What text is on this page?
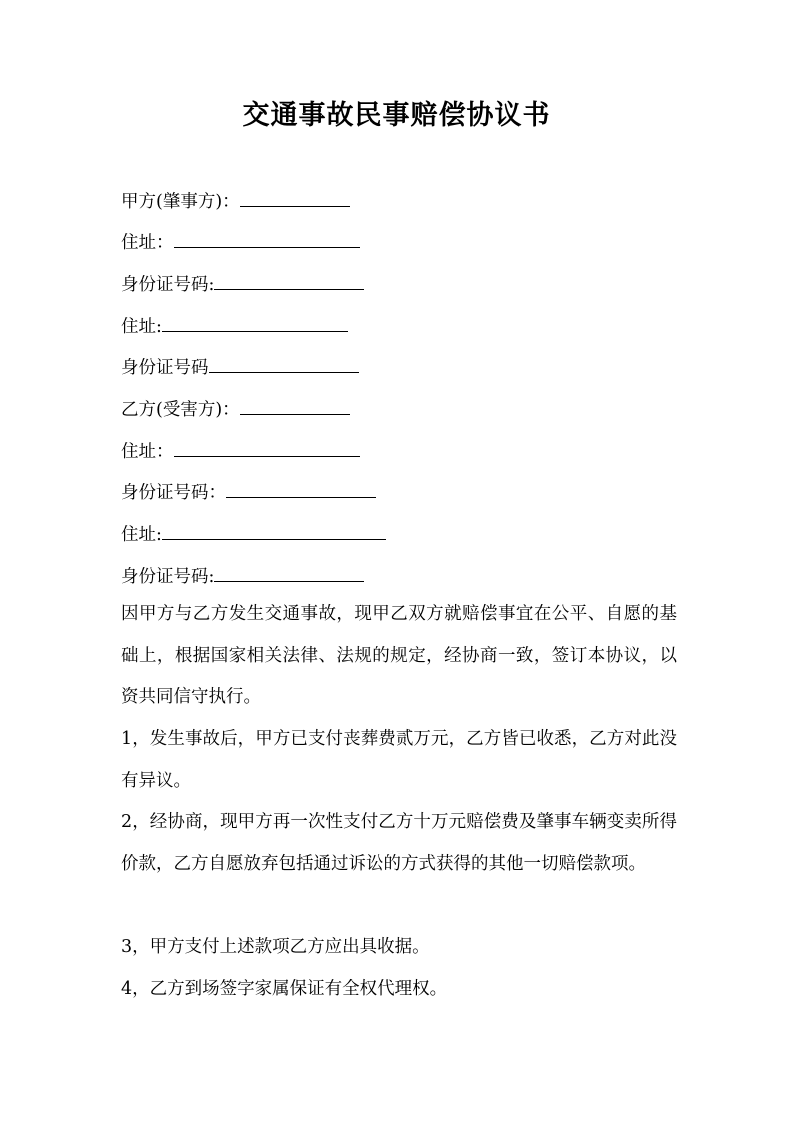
交通事故民事赔偿协议书
甲方(肇事方)：
住址：
身份证号码:
住址:
身份证号码
乙方(受害方)：
住址：
身份证号码：
住址:
身份证号码:

因甲方与乙方发生交通事故，现甲乙双方就赔偿事宜在公平、自愿的基础上，根据国家相关法律、法规的规定，经协商一致，签订本协议，以资共同信守执行。

1，发生事故后，甲方已支付丧葬费贰万元，乙方皆已收悉，乙方对此没有异议。

2，经协商，现甲方再一次性支付乙方十万元赔偿费及肇事车辆变卖所得价款，乙方自愿放弃包括通过诉讼的方式获得的其他一切赔偿款项。

3，甲方支付上述款项乙方应出具收据。

4，乙方到场签字家属保证有全权代理权。
